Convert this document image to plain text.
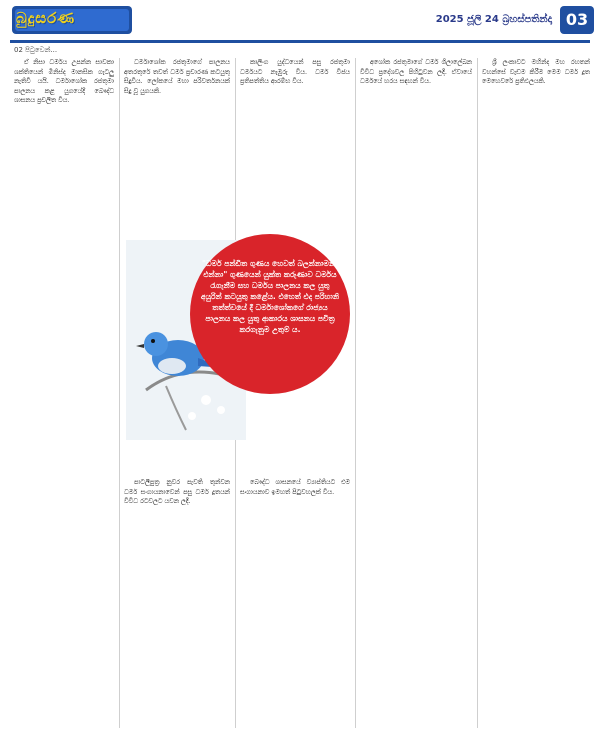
බුදුසරණ	2025 ජූලි 24 බ්‍රහස්පතින්දා 03
02 පිටුවෙන්...

ඒ නිසා ධර්මය උපන්න සාවකා ශක්තියෙන් මිනිස්ද මානසික ගැටලු නැතිවී යයි. ධර්මාශෝක රජතුමා පාලනය කළ යුගයේදී බෞද්ධ ශාසනය ප්‍රචලිත විය.

ධර්මාශෝක රජතුමාගේ පාලනය අතරතුරේ තවත් ධර්ම ප්‍රචාරණ කටයුතු සිදුවිය. ලෝකයේ මහා පරිවර්තනයක් සිදු වූ යුගයකි.

කාලිංග යුද්ධයෙන් පසු රජතුමා ධර්මයට නැඹුරු විය. ධර්ම විජය ප්‍රතිපත්තිය ආරම්භ විය.

අශෝක රජතුමාගේ ධර්ම ශිලාලේඛන විවිධ ප්‍රදේශවල පිහිටුවන ලදී. ඒවායේ ධර්මයේ හරය සඳහන් විය.

ශ්‍රී ලංකාවට මහින්ද මහ රහතන් වහන්සේ වැඩම කිරීම මෙම ධර්ම දූත මෙහෙවරේ ප්‍රතිඵලයකි.

පාටලීපුත්‍ර නුවර පැවති තුන්වන ධර්ම සංගායනාවෙන් පසු ධර්ම දූතයන් විවිධ රටවලට යවන ලදී.

බෞද්ධ ශාසනයේ ව්‍යාප්තියට එම සංගායනාව ඉමහත් පිටුවහලක් විය.

"ධර්ම පන්ඩිත ගුණය හෙවත් බලන්නාමනි, එන්නා" ගුණයෙන් යුක්ත කරුණාව ධර්මය රැගැනීම සහ ධර්මය පාලනය කල යුතු අයුරින් කටයුතු කළේය. එහෙත් එද පරිහානි තත්ත්වයේ දී ධර්මාශෝකගේ රාජ්‍යය පාලනය කල යුතු ආකාරය ශාසනය පවිත්‍ර කරගැනුම උතුම් ය.
